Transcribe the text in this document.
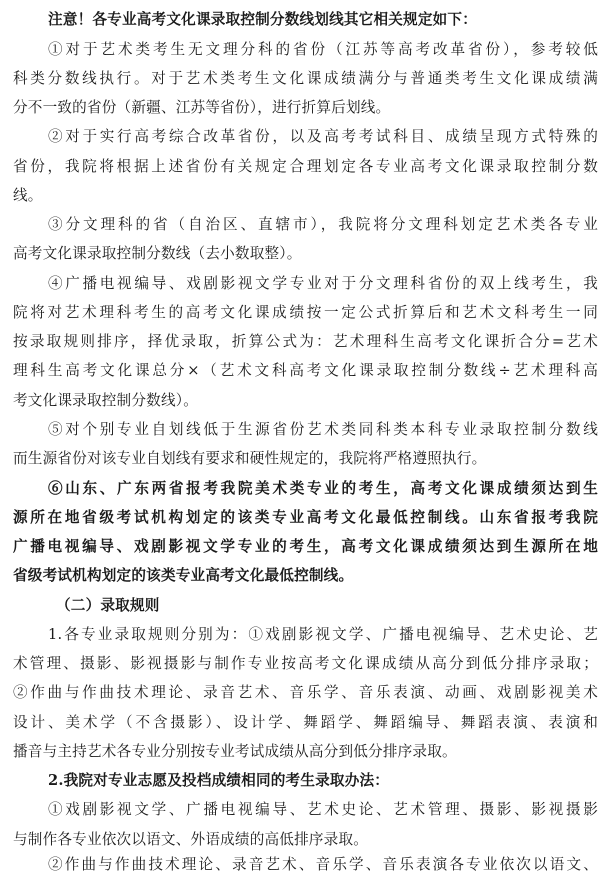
注意！各专业高考文化课录取控制分数线划线其它相关规定如下：
①对于艺术类考生无文理分科的省份（江苏等高考改革省份），参考较低
科类分数线执行。对于艺术类考生文化课成绩满分与普通类考生文化课成绩满
分不一致的省份（新疆、江苏等省份），进行折算后划线。
②对于实行高考综合改革省份，以及高考考试科目、成绩呈现方式特殊的
省份，我院将根据上述省份有关规定合理划定各专业高考文化课录取控制分数
线。
③分文理科的省（自治区、直辖市），我院将分文理科划定艺术类各专业
高考文化课录取控制分数线（去小数取整）。
④广播电视编导、戏剧影视文学专业对于分文理科省份的双上线考生，我
院将对艺术理科考生的高考文化课成绩按一定公式折算后和艺术文科考生一同
按录取规则排序，择优录取，折算公式为：艺术理科生高考文化课折合分=艺术
理科生高考文化课总分×（艺术文科高考文化课录取控制分数线÷艺术理科高
考文化课录取控制分数线）。
⑤对个别专业自划线低于生源省份艺术类同科类本科专业录取控制分数线
而生源省份对该专业自划线有要求和硬性规定的，我院将严格遵照执行。
⑥山东、广东两省报考我院美术类专业的考生，高考文化课成绩须达到生
源所在地省级考试机构划定的该类专业高考文化最低控制线。山东省报考我院
广播电视编导、戏剧影视文学专业的考生，高考文化课成绩须达到生源所在地
省级考试机构划定的该类专业高考文化最低控制线。
（二）录取规则
1.各专业录取规则分别为：①戏剧影视文学、广播电视编导、艺术史论、艺
术管理、摄影、影视摄影与制作专业按高考文化课成绩从高分到低分排序录取；
②作曲与作曲技术理论、录音艺术、音乐学、音乐表演、动画、戏剧影视美术
设计、美术学（不含摄影）、设计学、舞蹈学、舞蹈编导、舞蹈表演、表演和
播音与主持艺术各专业分别按专业考试成绩从高分到低分排序录取。
2.我院对专业志愿及投档成绩相同的考生录取办法：
①戏剧影视文学、广播电视编导、艺术史论、艺术管理、摄影、影视摄影
与制作各专业依次以语文、外语成绩的高低排序录取。
②作曲与作曲技术理论、录音艺术、音乐学、音乐表演各专业依次以语文、
